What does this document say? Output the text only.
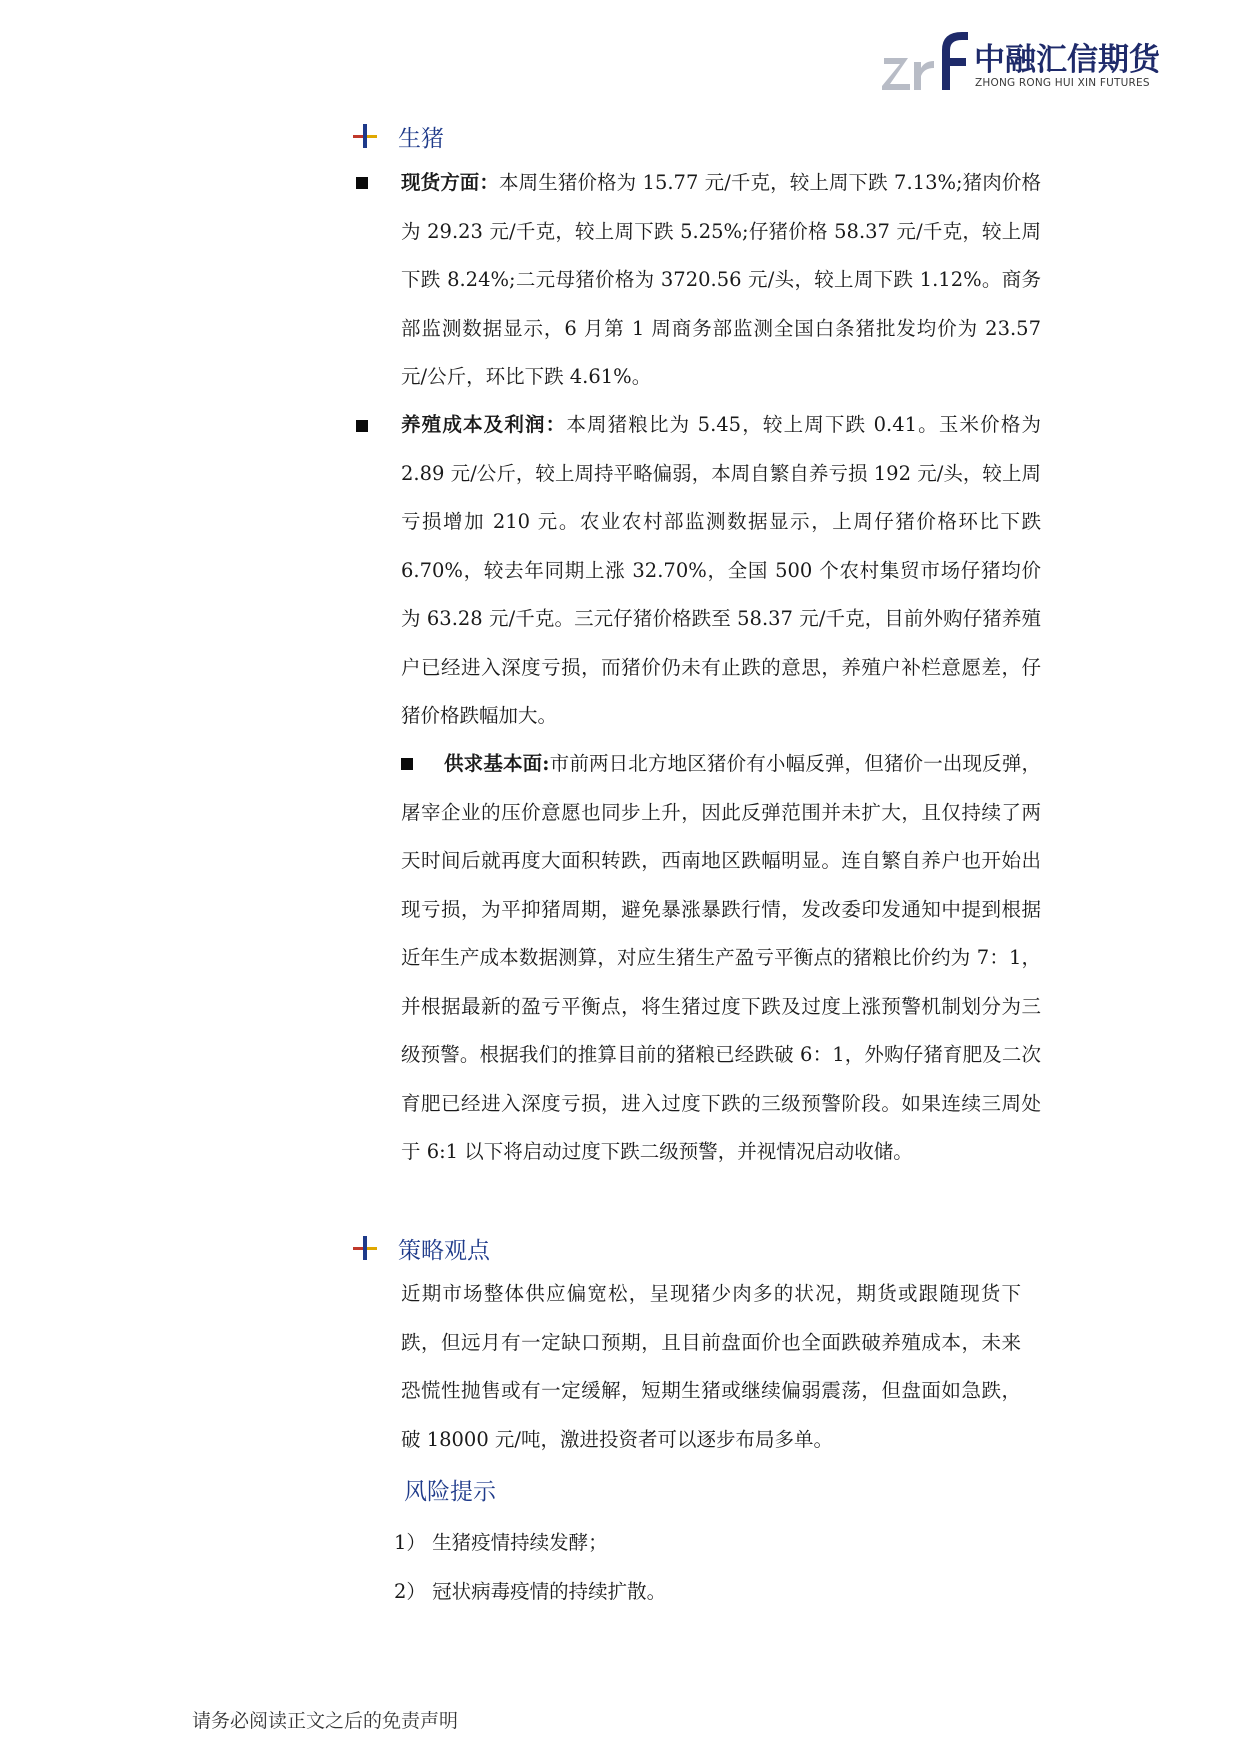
中融汇信期货
ZHONG RONG HUI XIN FUTURES
生猪
现货方面：本周生猪价格为 15.77 元/千克，较上周下跌 7.13%;猪肉价格为 29.23 元/千克，较上周下跌 5.25%;仔猪价格 58.37 元/千克，较上周下跌 8.24%;二元母猪价格为 3720.56 元/头，较上周下跌 1.12%。商务部监测数据显示，6 月第 1 周商务部监测全国白条猪批发均价为 23.57 元/公斤，环比下跌 4.61%。
养殖成本及利润：本周猪粮比为 5.45，较上周下跌 0.41。玉米价格为 2.89 元/公斤，较上周持平略偏弱，本周自繁自养亏损 192 元/头，较上周亏损增加 210 元。农业农村部监测数据显示，上周仔猪价格环比下跌 6.70%，较去年同期上涨 32.70%，全国 500 个农村集贸市场仔猪均价为 63.28 元/千克。三元仔猪价格跌至 58.37 元/千克，目前外购仔猪养殖户已经进入深度亏损，而猪价仍未有止跌的意思，养殖户补栏意愿差，仔猪价格跌幅加大。
供求基本面:市前两日北方地区猪价有小幅反弹，但猪价一出现反弹，屠宰企业的压价意愿也同步上升，因此反弹范围并未扩大，且仅持续了两天时间后就再度大面积转跌，西南地区跌幅明显。连自繁自养户也开始出现亏损，为平抑猪周期，避免暴涨暴跌行情，发改委印发通知中提到根据近年生产成本数据测算，对应生猪生产盈亏平衡点的猪粮比价约为 7：1，并根据最新的盈亏平衡点，将生猪过度下跌及过度上涨预警机制划分为三级预警。根据我们的推算目前的猪粮已经跌破 6：1，外购仔猪育肥及二次育肥已经进入深度亏损，进入过度下跌的三级预警阶段。如果连续三周处于 6:1 以下将启动过度下跌二级预警，并视情况启动收储。
策略观点
近期市场整体供应偏宽松，呈现猪少肉多的状况，期货或跟随现货下跌，但远月有一定缺口预期，且目前盘面价也全面跌破养殖成本，未来恐慌性抛售或有一定缓解，短期生猪或继续偏弱震荡，但盘面如急跌，破 18000 元/吨，激进投资者可以逐步布局多单。
风险提示
1） 生猪疫情持续发酵；
2） 冠状病毒疫情的持续扩散。
请务必阅读正文之后的免责声明
